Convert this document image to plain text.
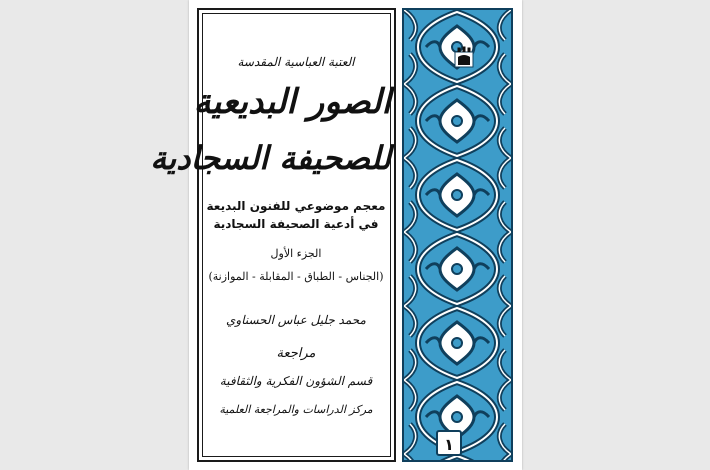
العتبة العباسية المقدسة
الصور البديعية
للصحيفة السجادية
معجم موضوعي للفنون البديعة
في أدعية الصحيفة السجادية
الجزء الأول
(الجناس - الطباق - المقابلة - الموازنة)
محمد جليل عباس الحسناوي
مراجعة
قسم الشؤون الفكرية والثقافية
مركز الدراسات والمراجعة العلمية
١
